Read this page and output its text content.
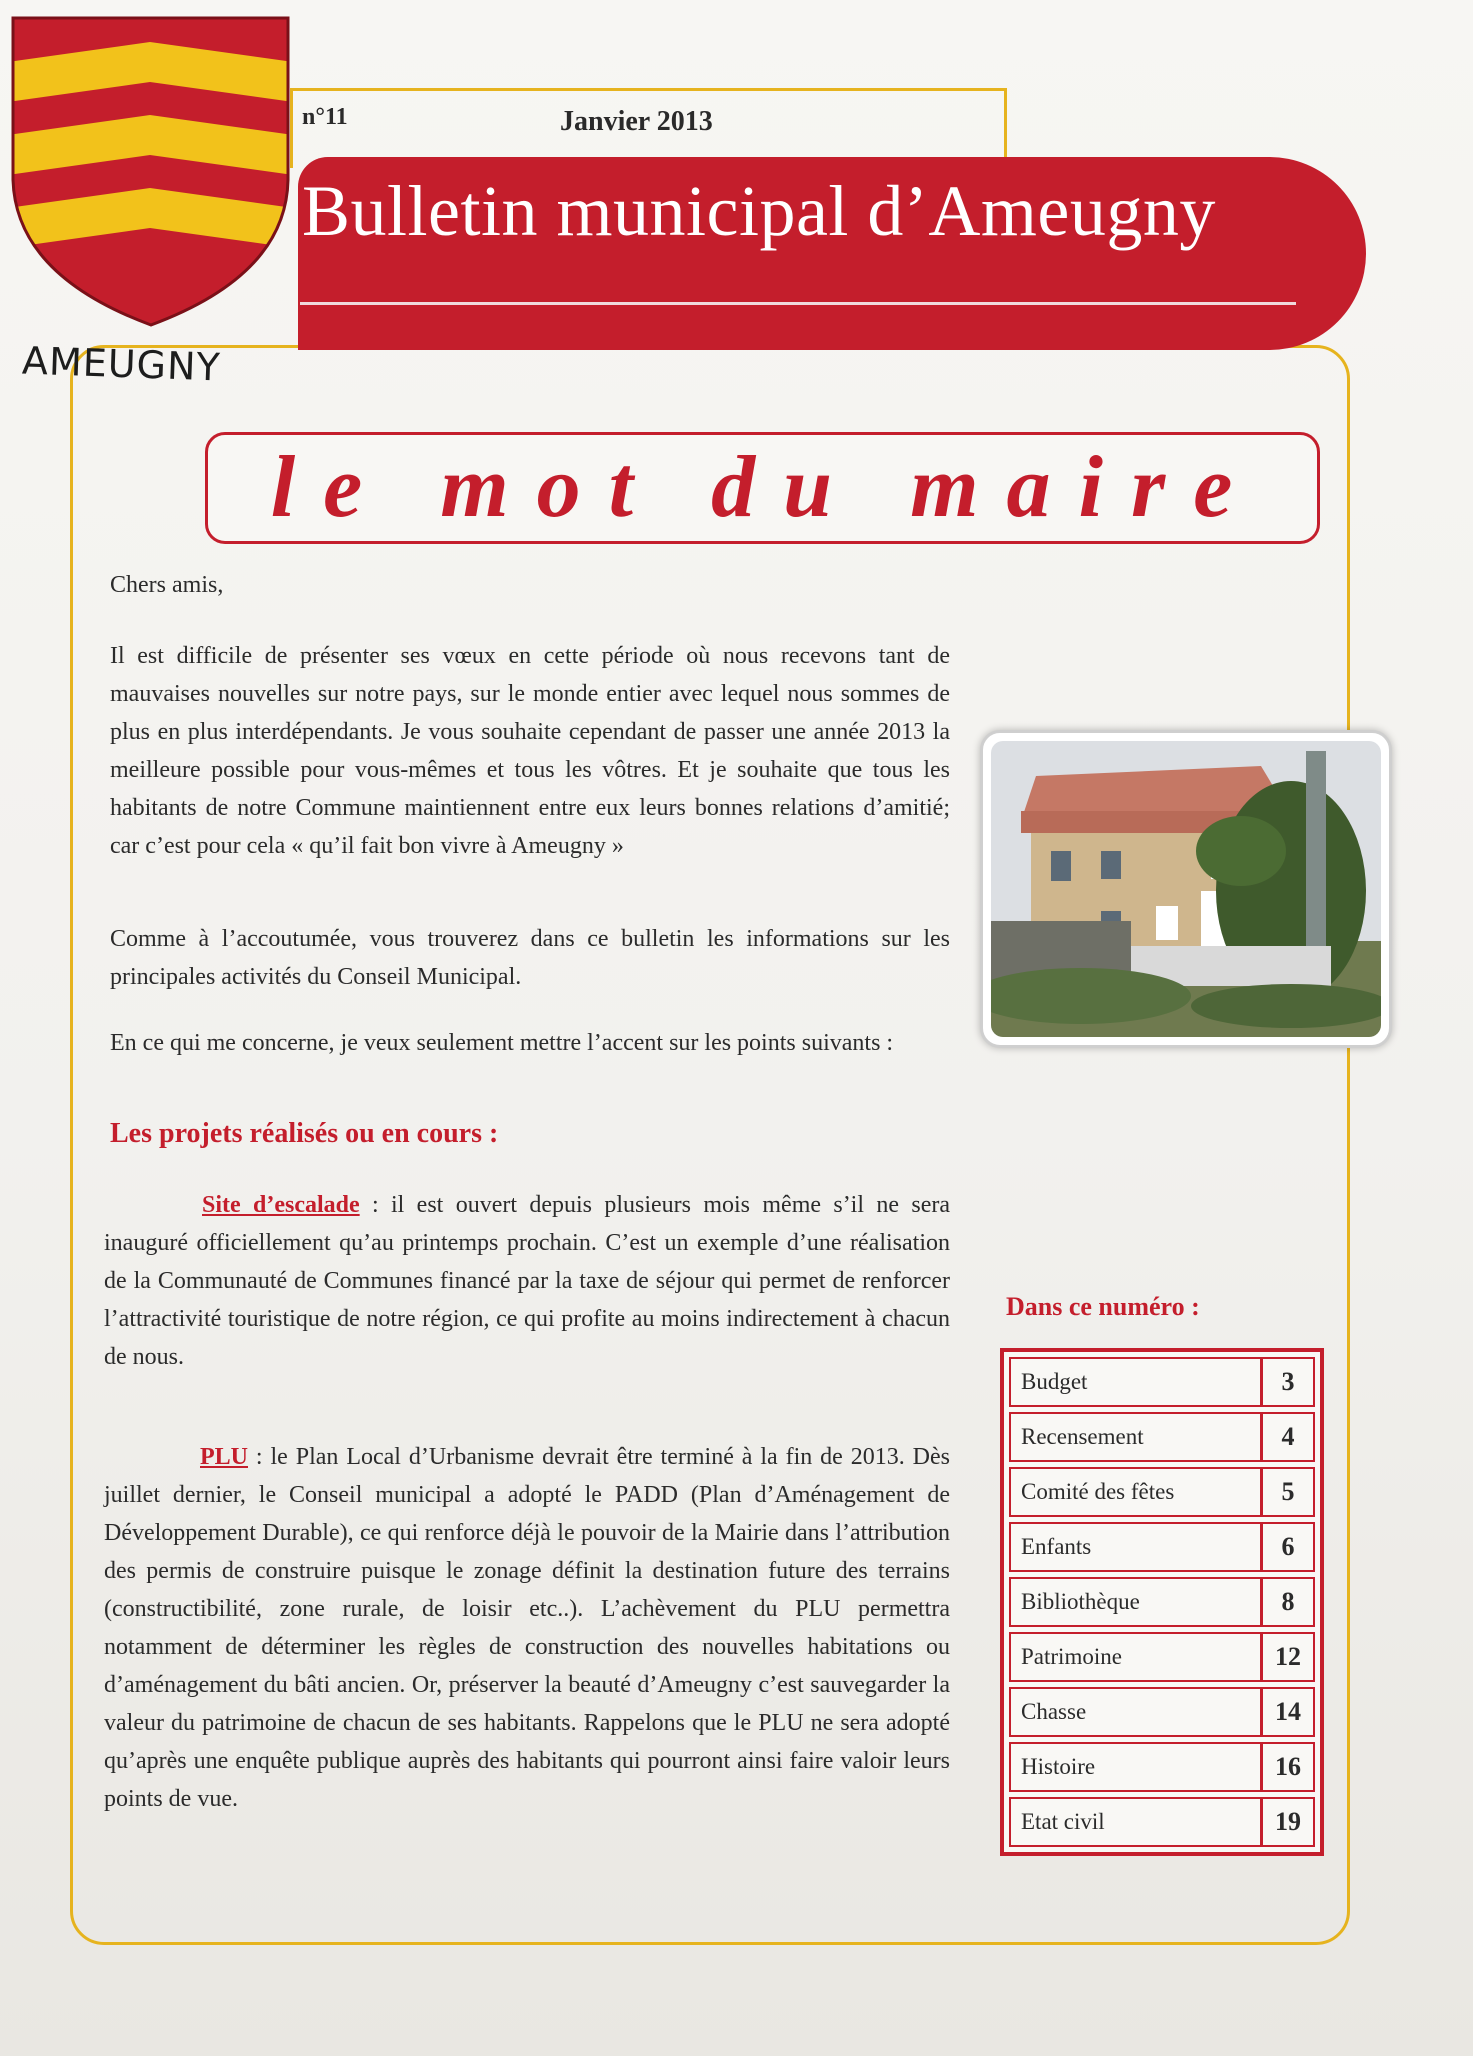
AMEUGNY
n°11	Janvier 2013
Bulletin municipal d’Ameugny
le mot du maire
Chers amis,
Il est difficile de présenter ses vœux en cette période où nous recevons tant de mauvaises nouvelles sur notre pays, sur le monde entier avec lequel nous sommes de plus en plus interdépendants. Je vous souhaite cependant de passer une année 2013 la meilleure possible pour vous-mêmes et tous les vôtres. Et je souhaite que tous les habitants de notre Commune maintiennent entre eux leurs bonnes relations d’amitié; car c’est pour cela « qu’il fait bon vivre à Ameugny »
Comme à l’accoutumée, vous trouverez dans ce bulletin les informations sur les principales activités du Conseil Municipal.
En ce qui me concerne, je veux seulement mettre l’accent sur les points suivants :
Les projets réalisés ou en cours :
Site d’escalade : il est ouvert depuis plusieurs mois même s’il ne sera inauguré officiellement qu’au printemps prochain. C’est un exemple d’une réalisation de la Communauté de Communes financé par la taxe de séjour qui permet de renforcer l’attractivité touristique de notre région, ce qui profite au moins indirectement à chacun de nous.
PLU : le Plan Local d’Urbanisme devrait être terminé à la fin de 2013. Dès juillet dernier, le Conseil municipal a adopté le PADD (Plan d’Aménagement de Développement Durable), ce qui renforce déjà le pouvoir de la Mairie dans l’attribution des permis de construire puisque le zonage définit la destination future des terrains (constructibilité, zone rurale, de loisir etc..). L’achèvement du PLU permettra notamment de déterminer les règles de construction des nouvelles habitations ou d’aménagement du bâti ancien. Or, préserver la beauté d’Ameugny c’est sauvegarder la valeur du patrimoine de chacun de ses habitants. Rappelons que le PLU ne sera adopté qu’après une enquête publique auprès des habitants qui pourront ainsi faire valoir leurs points de vue.
Dans ce numéro :
Budget	3
Recensement	4
Comité des fêtes	5
Enfants	6
Bibliothèque	8
Patrimoine	12
Chasse	14
Histoire	16
Etat civil	19
